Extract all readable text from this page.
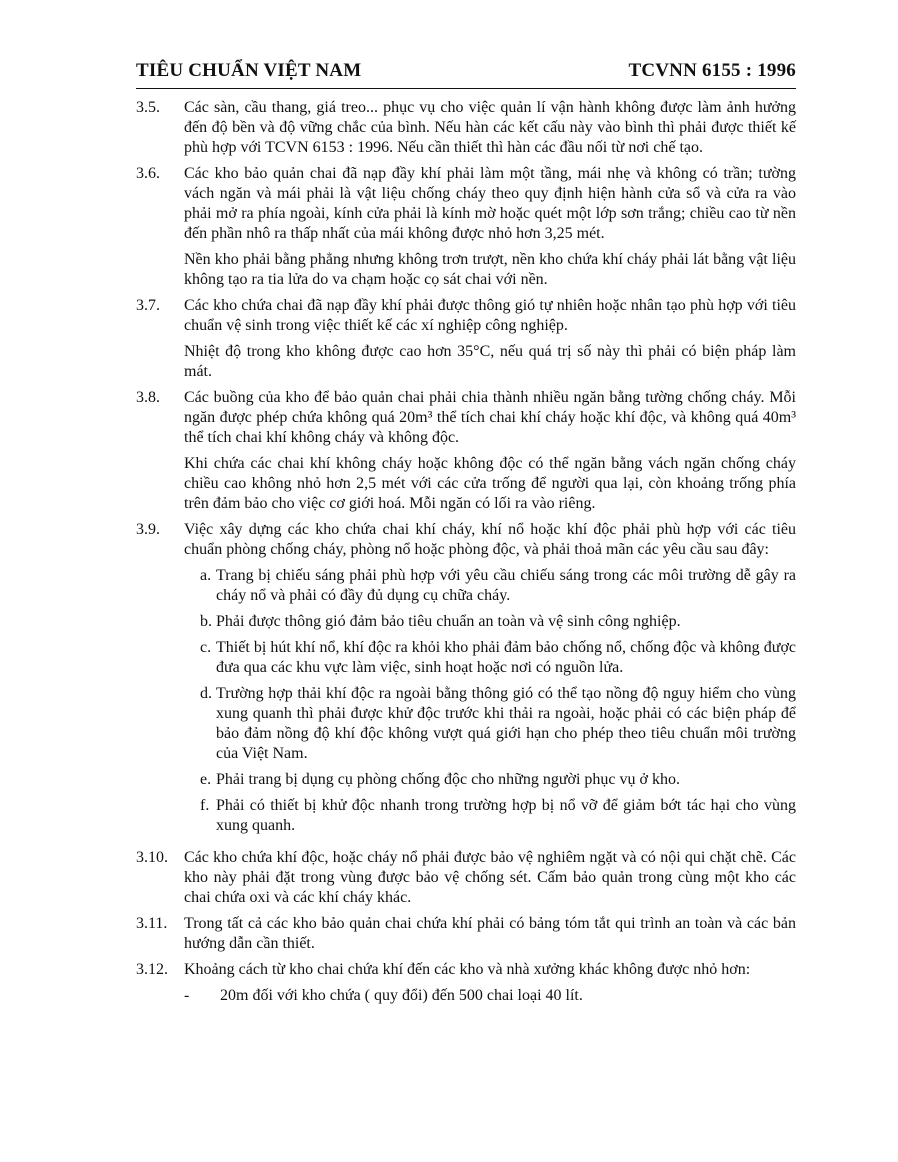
TIÊU CHUẨN VIỆT NAM	TCVNN 6155 : 1996
3.5.	Các sàn, cầu thang, giá treo... phục vụ cho việc quản lí vận hành không được làm ảnh hưởng đến độ bền và độ vững chắc của bình. Nếu hàn các kết cấu này vào bình thì phải được thiết kế phù hợp với TCVN 6153 : 1996. Nếu cần thiết thì hàn các đầu nối từ nơi chế tạo.

3.6.	Các kho bảo quản chai đã nạp đầy khí phải làm một tầng, mái nhẹ và không có trần; tường vách ngăn và mái phải là vật liệu chống cháy theo quy định hiện hành cửa sổ và cửa ra vào phải mở ra phía ngoài, kính cửa phải là kính mờ hoặc quét một lớp sơn trắng; chiều cao từ nền đến phần nhô ra thấp nhất của mái không được nhỏ hơn 3,25 mét.

Nền kho phải bằng phẳng nhưng không trơn trượt, nền kho chứa khí cháy phải lát bằng vật liệu không tạo ra tia lửa do va chạm hoặc cọ sát chai với nền.

3.7.	Các kho chứa chai đã nạp đầy khí phải được thông gió tự nhiên hoặc nhân tạo phù hợp với tiêu chuẩn vệ sinh trong việc thiết kế các xí nghiệp công nghiệp.

Nhiệt độ trong kho không được cao hơn 35°C, nếu quá trị số này thì phải có biện pháp làm mát.

3.8.	Các buồng của kho để bảo quản chai phải chia thành nhiều ngăn bằng tường chống cháy. Mỗi ngăn được phép chứa không quá 20m³ thể tích chai khí cháy hoặc khí độc, và không quá 40m³ thể tích chai khí không cháy và không độc.

Khi chứa các chai khí không cháy hoặc không độc có thể ngăn bằng vách ngăn chống cháy chiều cao không nhỏ hơn 2,5 mét với các cửa trống để người qua lại, còn khoảng trống phía trên đảm bảo cho việc cơ giới hoá. Mỗi ngăn có lối ra vào riêng.

3.9.	Việc xây dựng các kho chứa chai khí cháy, khí nổ hoặc khí độc phải phù hợp với các tiêu chuẩn phòng chống cháy, phòng nổ hoặc phòng độc, và phải thoả mãn các yêu cầu sau đây:

a. Trang bị chiếu sáng phải phù hợp với yêu cầu chiếu sáng trong các môi trường dễ gây ra cháy nổ và phải có đầy đủ dụng cụ chữa cháy.
b. Phải được thông gió đảm bảo tiêu chuẩn an toàn và vệ sinh công nghiệp.
c. Thiết bị hút khí nổ, khí độc ra khỏi kho phải đảm bảo chống nổ, chống độc và không được đưa qua các khu vực làm việc, sinh hoạt hoặc nơi có nguồn lửa.
d. Trường hợp thải khí độc ra ngoài bằng thông gió có thể tạo nồng độ nguy hiểm cho vùng xung quanh thì phải được khử độc trước khi thải ra ngoài, hoặc phải có các biện pháp để bảo đảm nồng độ khí độc không vượt quá giới hạn cho phép theo tiêu chuẩn môi trường của Việt Nam.
e. Phải trang bị dụng cụ phòng chống độc cho những người phục vụ ở kho.
f. Phải có thiết bị khử độc nhanh trong trường hợp bị nổ vỡ để giảm bớt tác hại cho vùng xung quanh.
3.10.	Các kho chứa khí độc, hoặc cháy nổ phải được bảo vệ nghiêm ngặt và có nội qui chặt chẽ. Các kho này phải đặt trong vùng được bảo vệ chống sét. Cấm bảo quản trong cùng một kho các chai chứa oxi và các khí cháy khác.

3.11.	Trong tất cả các kho bảo quản chai chứa khí phải có bảng tóm tắt qui trình an toàn và các bản hướng dẫn cần thiết.

3.12.	Khoảng cách từ kho chai chứa khí đến các kho và nhà xưởng khác không được nhỏ hơn:

-	20m đối với kho chứa ( quy đổi) đến 500 chai loại 40 lít.
